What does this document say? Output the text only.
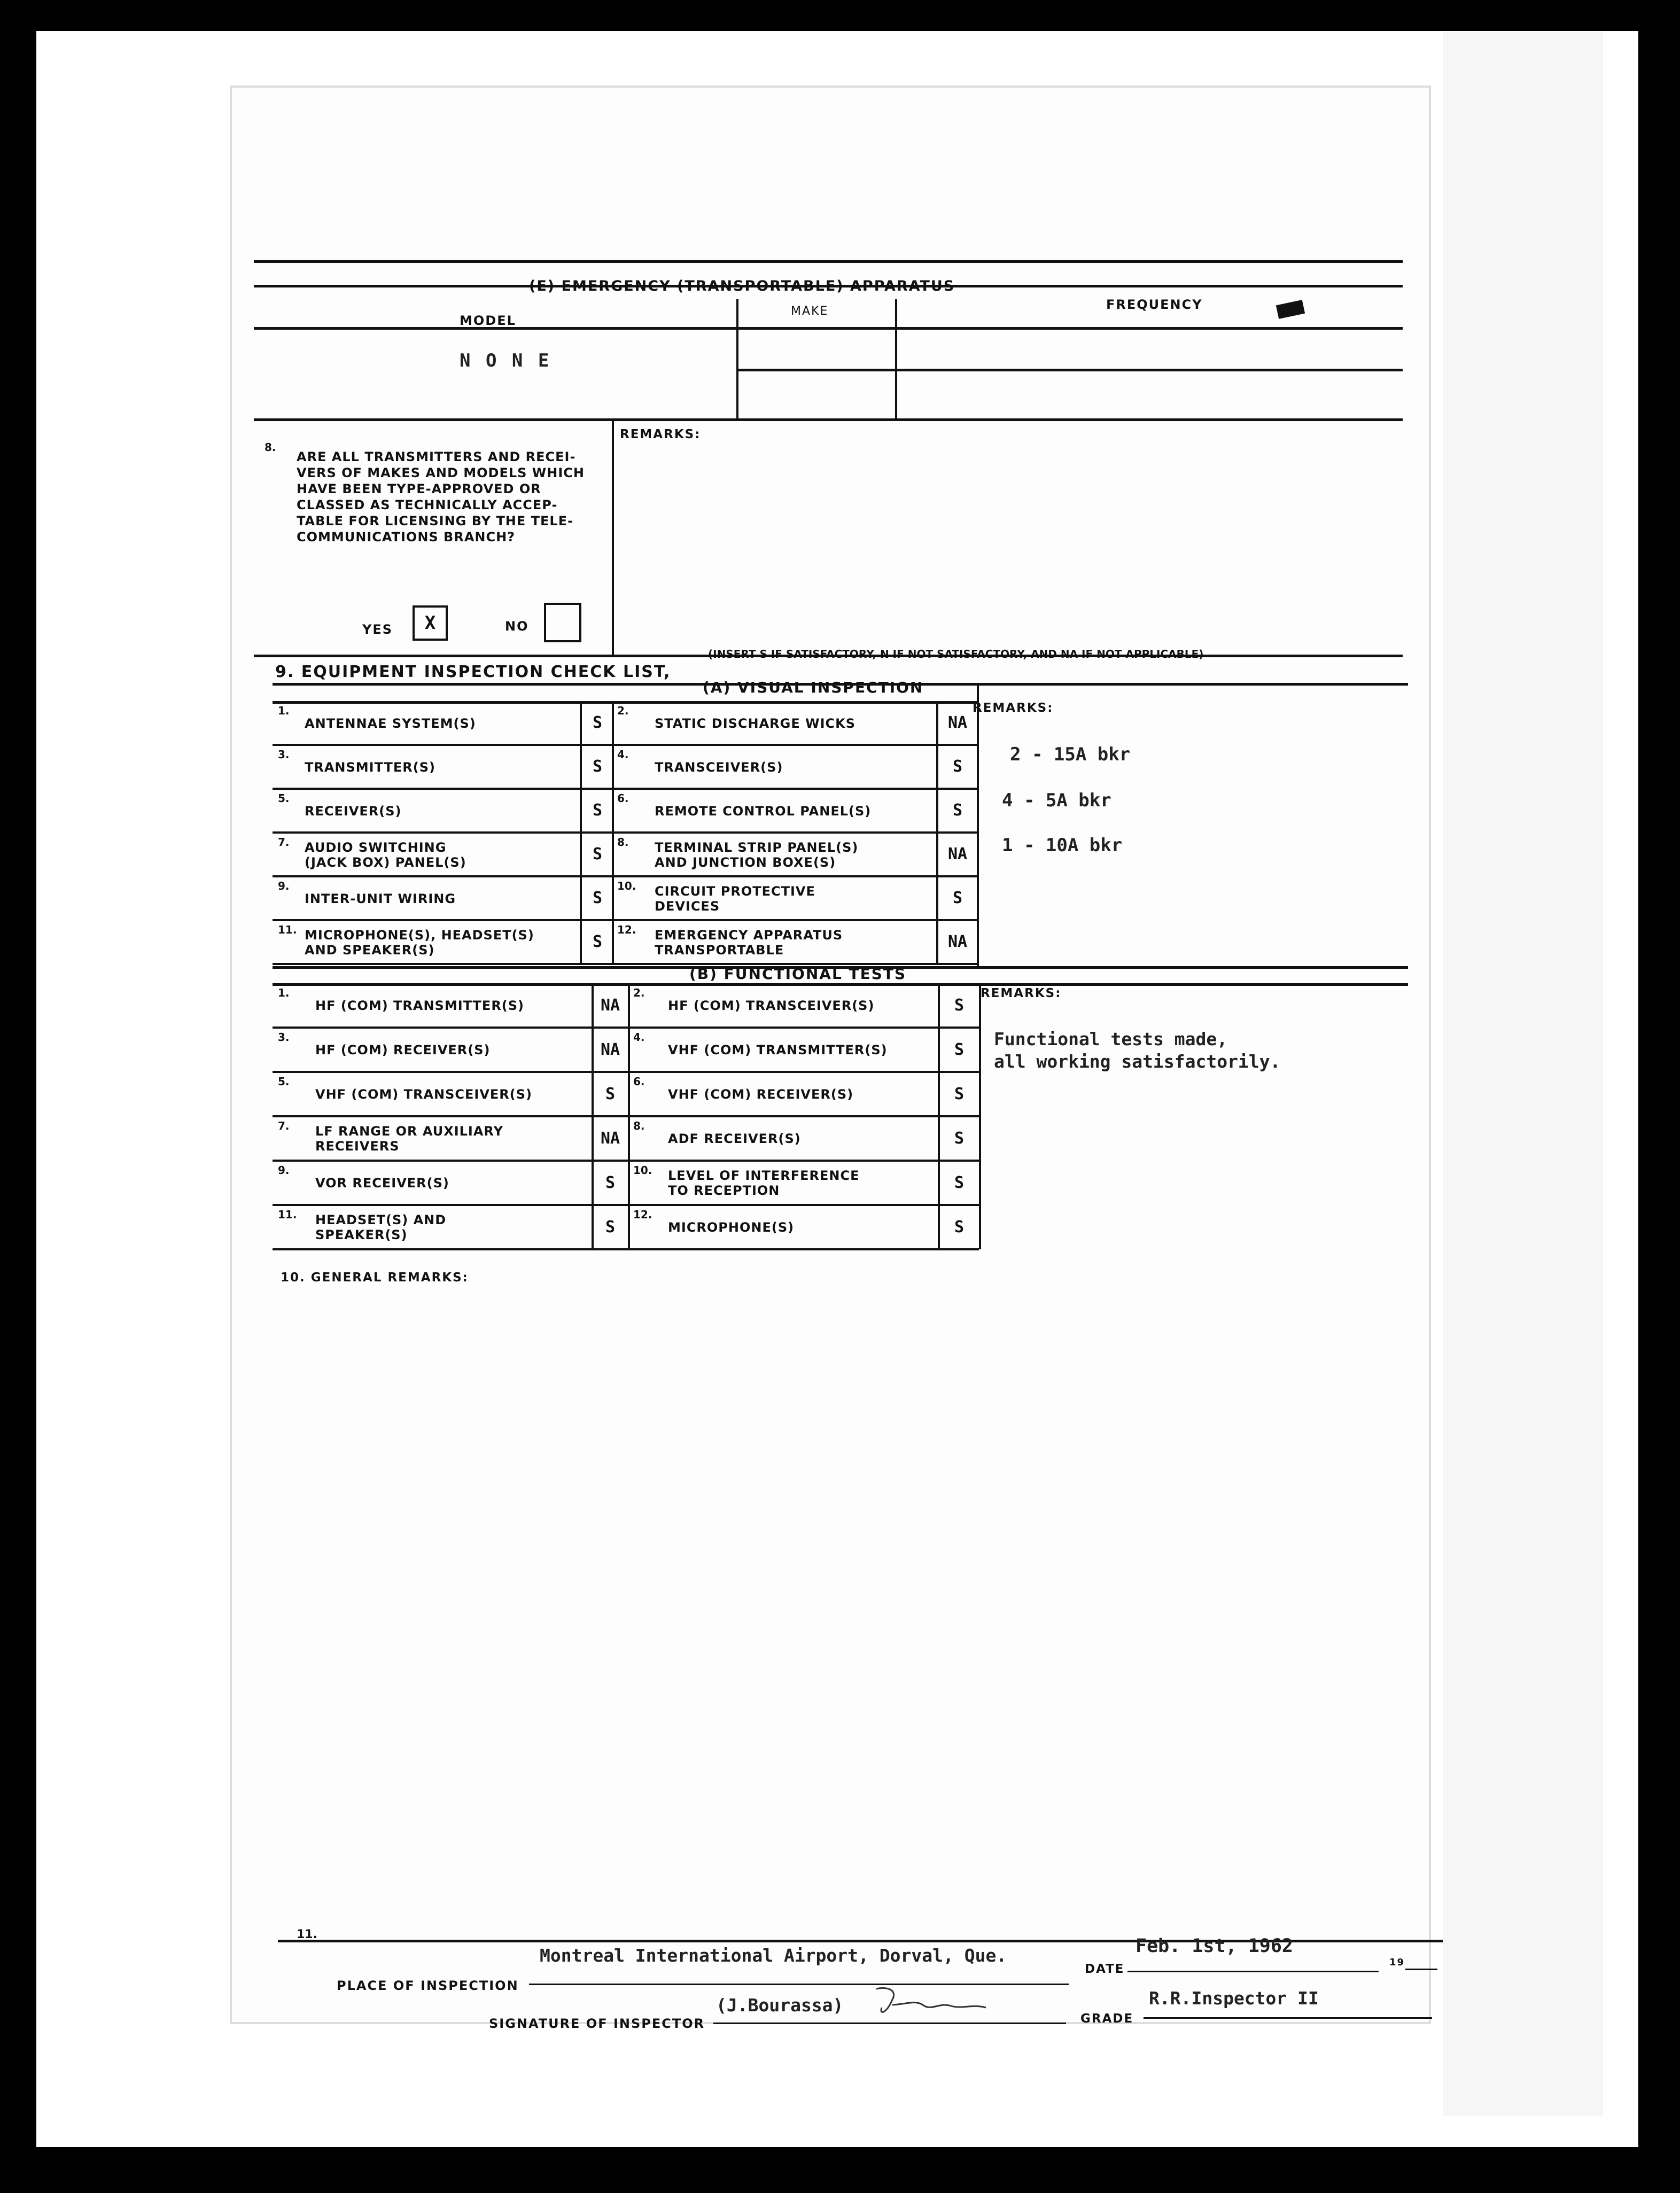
(E) EMERGENCY (TRANSPORTABLE) APPARATUS
MODEL
MAKE	FREQUENCY
N O N E
8.
ARE ALL TRANSMITTERS AND RECEI-
VERS OF MAKES AND MODELS WHICH
HAVE BEEN TYPE-APPROVED OR
CLASSED AS TECHNICALLY ACCEP-
TABLE FOR LICENSING BY THE TELE-
COMMUNICATIONS BRANCH?
REMARKS:
YES	X	NO
9. EQUIPMENT INSPECTION CHECK LIST,
(INSERT S IF SATISFACTORY, N IF NOT SATISFACTORY, AND NA IF NOT APPLICABLE)
(A) VISUAL INSPECTION
1.
ANTENNAE SYSTEM(S)	S
2.
STATIC DISCHARGE WICKS	NA
3.
TRANSMITTER(S)	S
4.
TRANSCEIVER(S)	S
5.
RECEIVER(S)	S
6.
REMOTE CONTROL PANEL(S)	S
7. AUDIO SWITCHING
(JACK BOX) PANEL(S)	S
8. TERMINAL STRIP PANEL(S)
AND JUNCTION BOXE(S)	NA
9.
INTER-UNIT WIRING	S
10. CIRCUIT PROTECTIVE
DEVICES	S
11. MICROPHONE(S), HEADSET(S)
AND SPEAKER(S)	S
12. EMERGENCY APPARATUS
TRANSPORTABLE	NA
REMARKS:
2 - 15A bkr
4 - 5A bkr
1 - 10A bkr
(B) FUNCTIONAL TESTS
1.
HF (COM) TRANSMITTER(S)	NA
2.
HF (COM) TRANSCEIVER(S)	S
3.
HF (COM) RECEIVER(S)	NA
4.
VHF (COM) TRANSMITTER(S)	S
5.
VHF (COM) TRANSCEIVER(S)	S
6.
VHF (COM) RECEIVER(S)	S
7. LF RANGE OR AUXILIARY
RECEIVERS	NA
8.
ADF RECEIVER(S)	S
9.
VOR RECEIVER(S)	S
10. LEVEL OF INTERFERENCE
TO RECEPTION	S
11. HEADSET(S) AND
SPEAKER(S)	S
12.
MICROPHONE(S)	S
REMARKS:
Functional tests made,
all working satisfactorily.
10. GENERAL REMARKS:
11.
PLACE OF INSPECTION
Montreal International Airport, Dorval, Que.
DATE
Feb. 1st, 1962
19
SIGNATURE OF INSPECTOR
(J.Bourassa)
GRADE
R.R.Inspector II
